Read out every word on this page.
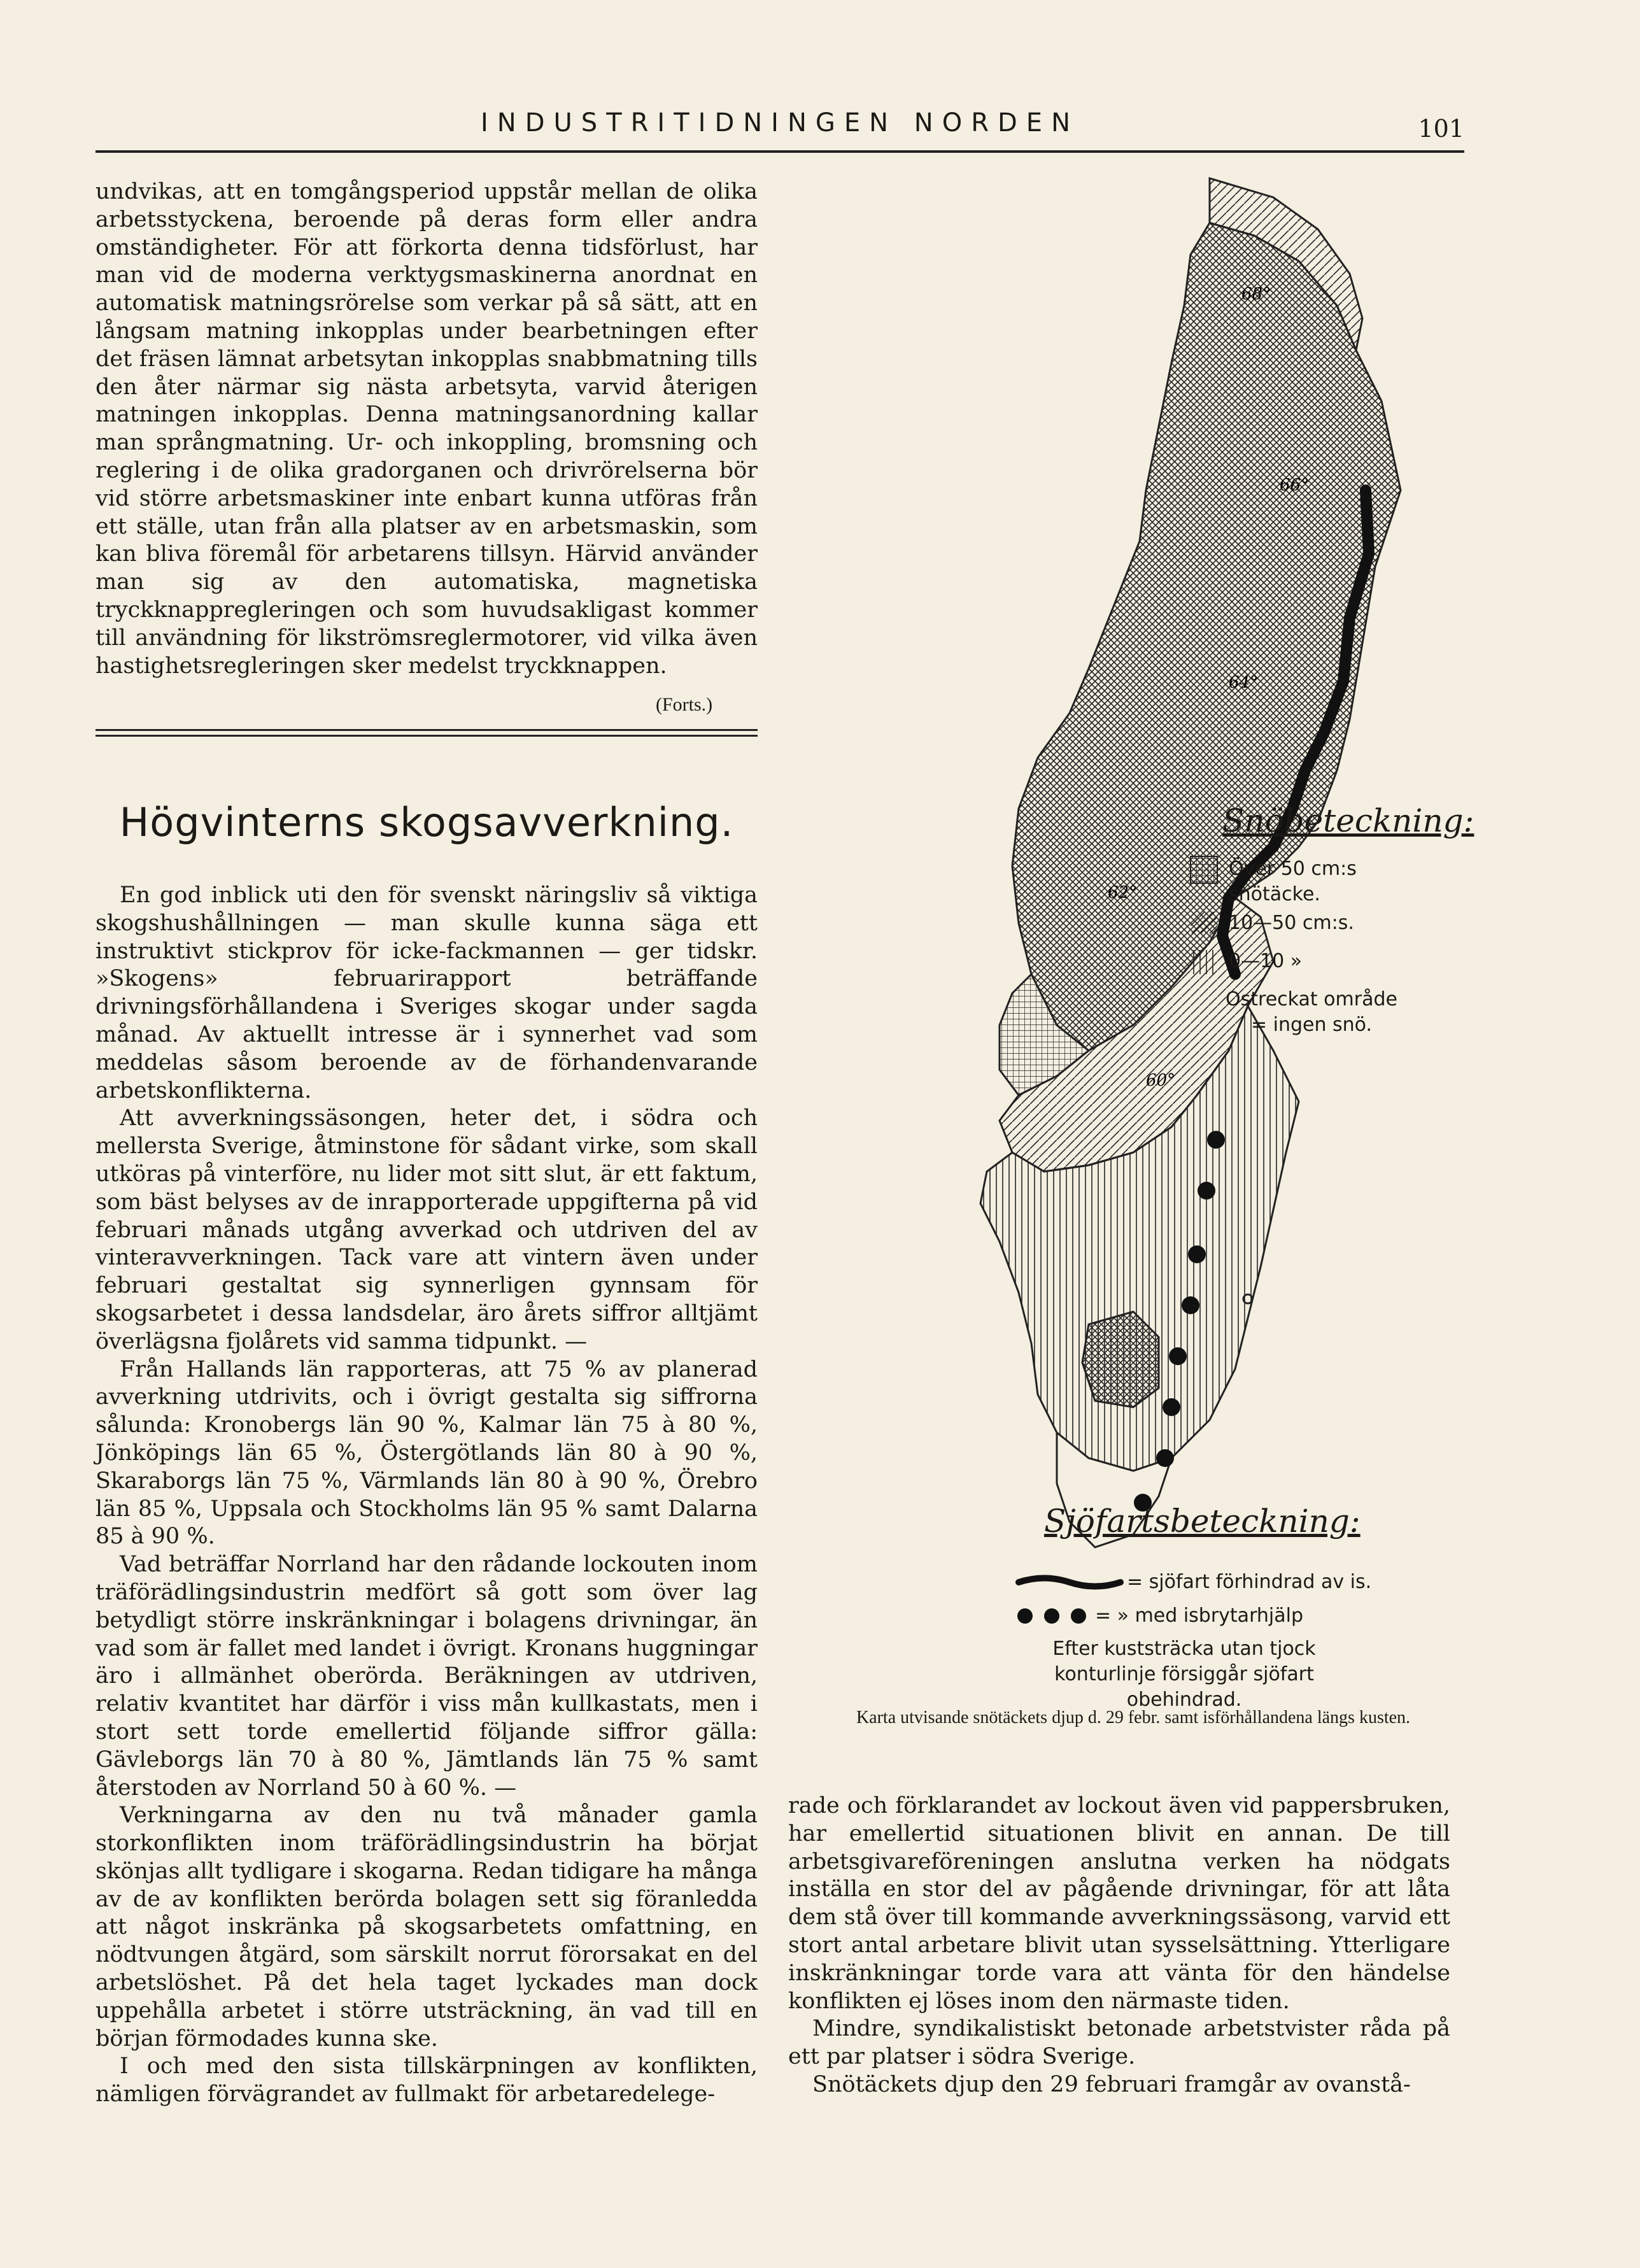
INDUSTRITIDNINGEN NORDEN	101

undvikas, att en tomgångsperiod uppstår mellan de olika arbetsstyckena, beroende på deras form eller andra omständigheter. För att förkorta denna tidsförlust, har man vid de moderna verktygsmaskinerna anordnat en automatisk matningsrörelse som verkar på så sätt, att en långsam matning inkopplas under bearbetningen efter det fräsen lämnat arbetsytan inkopplas snabbmatning tills den åter närmar sig nästa arbetsyta, varvid återigen matningen inkopplas. Denna matningsanordning kallar man språngmatning. Ur- och inkoppling, bromsning och reglering i de olika gradorganen och drivrörelserna bör vid större arbetsmaskiner inte enbart kunna utföras från ett ställe, utan från alla platser av en arbetsmaskin, som kan bliva föremål för arbetarens tillsyn. Härvid använder man sig av den automatiska, magnetiska tryckknappregleringen och som huvudsakligast kommer till användning för likströmsreglermotorer, vid vilka även hastighetsregleringen sker medelst tryckknappen.

(Forts.)
Högvinterns skogsavverkning.

En god inblick uti den för svenskt näringsliv så viktiga skogshushållningen — man skulle kunna säga ett instruktivt stickprov för icke-fackmannen — ger tidskr. »Skogens» februarirapport beträffande drivningsförhållandena i Sveriges skogar under sagda månad. Av aktuellt intresse är i synnerhet vad som meddelas såsom beroende av de förhandenvarande arbetskonflikterna.

Att avverkningssäsongen, heter det, i södra och mellersta Sverige, åtminstone för sådant virke, som skall utköras på vinterföre, nu lider mot sitt slut, är ett faktum, som bäst belyses av de inrapporterade uppgifterna på vid februari månads utgång avverkad och utdriven del av vinteravverkningen. Tack vare att vintern även under februari gestaltat sig synnerligen gynnsam för skogsarbetet i dessa landsdelar, äro årets siffror alltjämt överlägsna fjolårets vid samma tidpunkt. —

Från Hallands län rapporteras, att 75 % av planerad avverkning utdrivits, och i övrigt gestalta sig siffrorna sålunda: Kronobergs län 90 %, Kalmar län 75 à 80 %, Jönköpings län 65 %, Östergötlands län 80 à 90 %, Skaraborgs län 75 %, Värmlands län 80 à 90 %, Örebro län 85 %, Uppsala och Stockholms län 95 % samt Dalarna 85 à 90 %.

Vad beträffar Norrland har den rådande lockouten inom träförädlingsindustrin medfört så gott som över lag betydligt större inskränkningar i bolagens drivningar, än vad som är fallet med landet i övrigt. Kronans huggningar äro i allmänhet oberörda. Beräkningen av utdriven, relativ kvantitet har därför i viss mån kullkastats, men i stort sett torde emellertid följande siffror gälla: Gävleborgs län 70 à 80 %, Jämtlands län 75 % samt återstoden av Norrland 50 à 60 %. —

Verkningarna av den nu två månader gamla storkonflikten inom träförädlingsindustrin ha börjat skönjas allt tydligare i skogarna. Redan tidigare ha många av de av konflikten berörda bolagen sett sig föranledda att något inskränka på skogsarbetets omfattning, en nödtvungen åtgärd, som särskilt norrut förorsakat en del arbetslöshet. På det hela taget lyckades man dock uppehålla arbetet i större utsträckning, än vad till en början förmodades kunna ske.

I och med den sista tillskärpningen av konflikten, nämligen förvägrandet av fullmakt för arbetaredelege-

rade och förklarandet av lockout även vid pappersbruken, har emellertid situationen blivit en annan. De till arbetsgivareföreningen anslutna verken ha nödgats inställa en stor del av pågående drivningar, för att låta dem stå över till kommande avverkningssäsong, varvid ett stort antal arbetare blivit utan sysselsättning. Ytterligare inskränkningar torde vara att vänta för den händelse konflikten ej löses inom den närmaste tiden.

Mindre, syndikalistiskt betonade arbetstvister råda på ett par platser i södra Sverige.

Snötäckets djup den 29 februari framgår av ovanstå-

68°
66°
64°
62°
60°
Snöbeteckning:
Över 50 cm:s snötäcke.
10—50 cm:s.
0—10 »
Ostreckat område = ingen snö.
Sjöfartsbeteckning:
= sjöfart förhindrad av is.
= » med isbrytarhjälp
Efter kuststräcka utan tjock konturlinje försiggår sjöfart obehindrad.
Karta utvisande snötäckets djup d. 29 febr. samt isförhållandena längs kusten.
